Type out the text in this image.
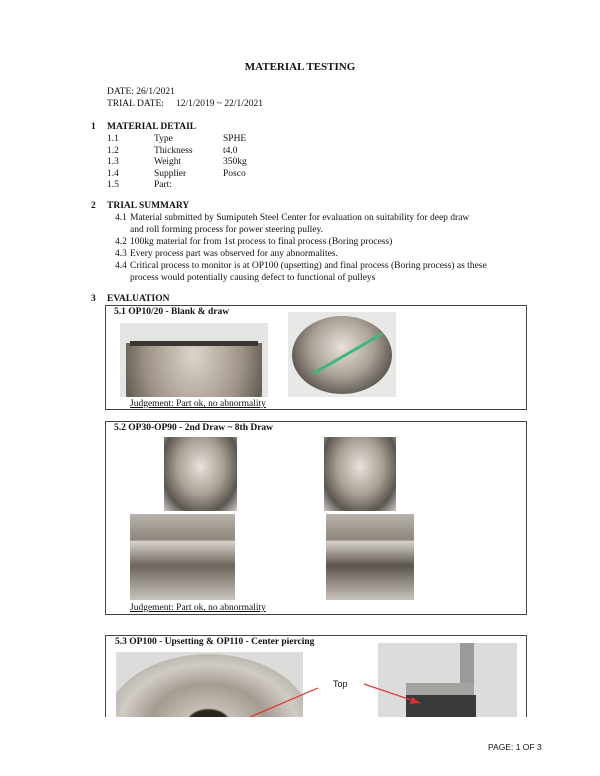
MATERIAL TESTING
DATE: 26/1/2021
TRIAL DATE: 12/1/2019 ~ 22/1/2021
1 MATERIAL DETAIL
1.1	Type	SPHE
1.2	Thickness	t4.0
1.3	Weight	350kg
1.4	Supplier	Posco
1.5	Part:
2 TRIAL SUMMARY
4.1 Material submitted by Sumiputeh Steel Center for evaluation on suitability for deep draw
and roll forming process for power steering pulley.
4.2 100kg material for from 1st process to final process (Boring process)
4.3 Every process part was observed for any abnormalites.
4.4 Critical process to monitor is at OP100 (upsetting) and final process (Boring process) as these
process would potentially causing defect to functional of pulleys
3 EVALUATION
5.1 OP10/20 - Blank & draw
Judgement: Part ok, no abnormality
5.2 OP30-OP90 - 2nd Draw ~ 8th Draw
Judgement: Part ok, no abnormality
5.3 OP100 - Upsetting & OP110 - Center piercing
Top
PAGE: 1 OF 3
